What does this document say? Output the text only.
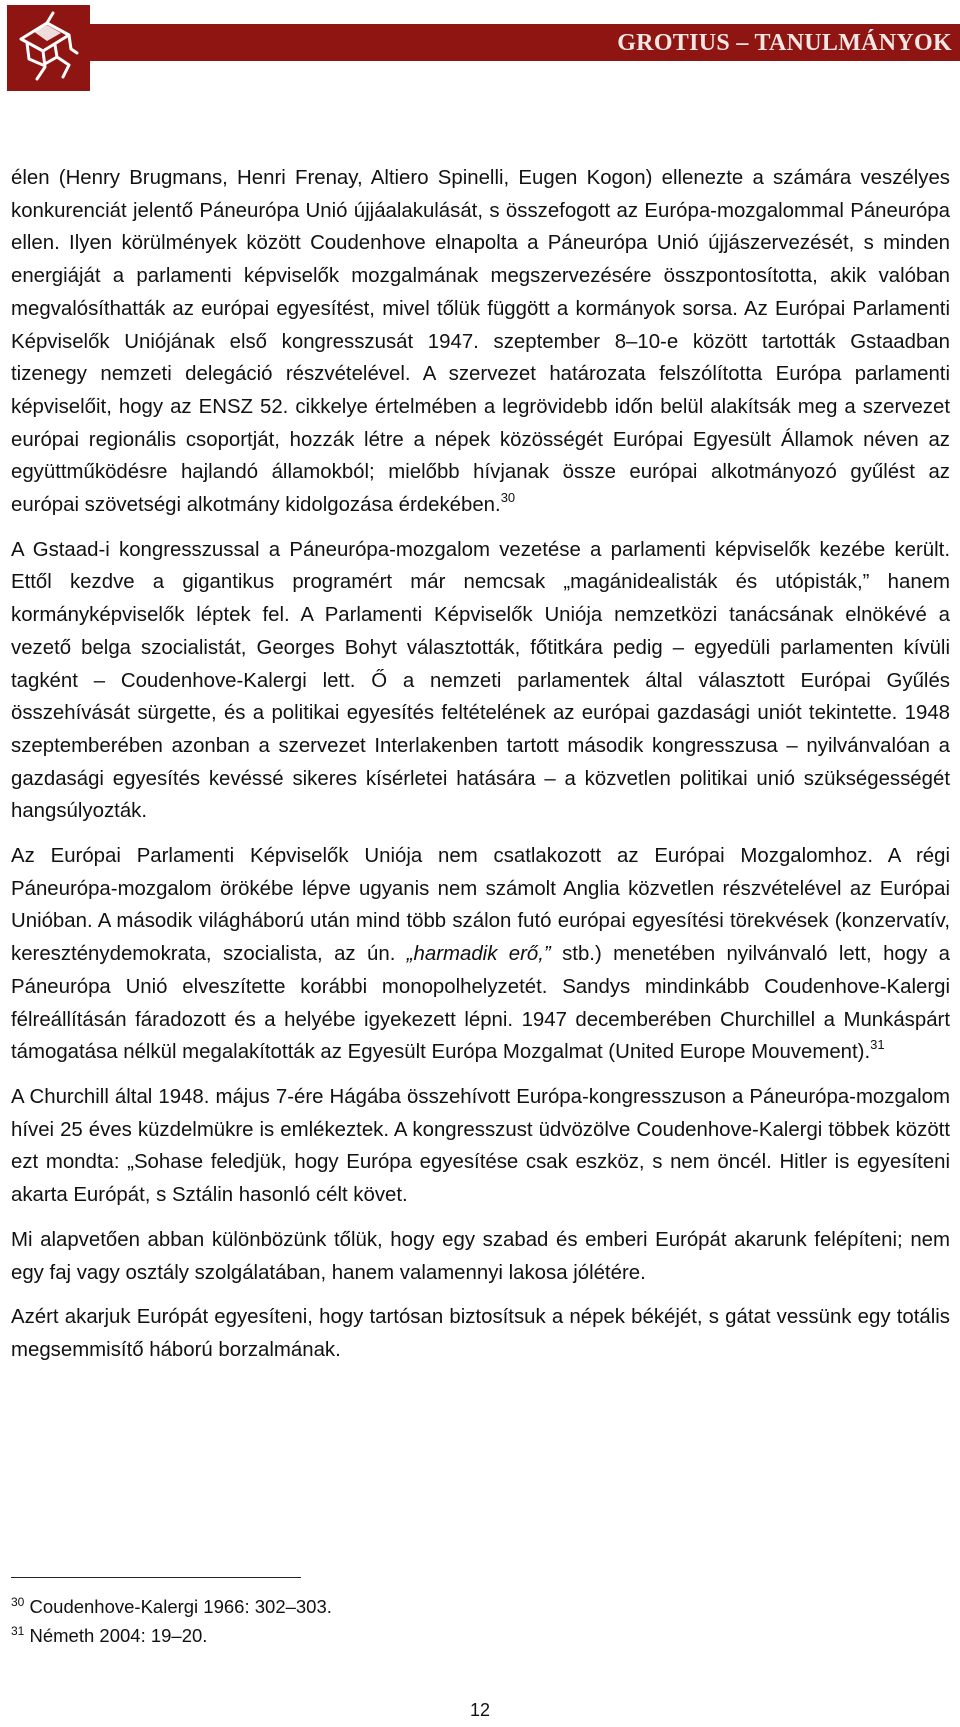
GROTIUS – TANULMÁNYOK

élen (Henry Brugmans, Henri Frenay, Altiero Spinelli, Eugen Kogon) ellenezte a számára veszélyes konkurenciát jelentő Páneurópa Unió újjáalakulását, s összefogott az Európa-mozgalommal Páneurópa ellen. Ilyen körülmények között Coudenhove elnapolta a Páneurópa Unió újjászervezését, s minden energiáját a parlamenti képviselők mozgalmának megszervezésére összpontosította, akik valóban megvalósíthatták az európai egyesítést, mivel tőlük függött a kormányok sorsa. Az Európai Parlamenti Képviselők Uniójának első kongresszusát 1947. szeptember 8–10-e között tartották Gstaadban tizenegy nemzeti delegáció részvételével. A szervezet határozata felszólította Európa parlamenti képviselőit, hogy az ENSZ 52. cikkelye értelmében a legrövidebb időn belül alakítsák meg a szervezet európai regionális csoportját, hozzák létre a népek közösségét Európai Egyesült Államok néven az együttműködésre hajlandó államokból; mielőbb hívjanak össze európai alkotmányozó gyűlést az európai szövetségi alkotmány kidolgozása érdekében.$^{30}$

A Gstaad-i kongresszussal a Páneurópa-mozgalom vezetése a parlamenti képviselők kezébe került. Ettől kezdve a gigantikus programért már nemcsak „magánidealisták és utópisták,” hanem kormányképviselők léptek fel. A Parlamenti Képviselők Uniója nemzetközi tanácsának elnökévé a vezető belga szocialistát, Georges Bohyt választották, főtitkára pedig – egyedüli parlamenten kívüli tagként – Coudenhove-Kalergi lett. Ő a nemzeti parlamentek által választott Európai Gyűlés összehívását sürgette, és a politikai egyesítés feltételének az európai gazdasági uniót tekintette. 1948 szeptemberében azonban a szervezet Interlakenben tartott második kongresszusa – nyilvánvalóan a gazdasági egyesítés kevéssé sikeres kísérletei hatására – a közvetlen politikai unió szükségességét hangsúlyozták.

Az Európai Parlamenti Képviselők Uniója nem csatlakozott az Európai Mozgalomhoz. A régi Páneurópa-mozgalom örökébe lépve ugyanis nem számolt Anglia közvetlen részvételével az Európai Unióban. A második világháború után mind több szálon futó európai egyesítési törekvések (konzervatív, kereszténydemokrata, szocialista, az ún. „harmadik erő,” stb.) menetében nyilvánvaló lett, hogy a Páneurópa Unió elveszítette korábbi monopolhelyzetét. Sandys mindinkább Coudenhove-Kalergi félreállításán fáradozott és a helyébe igyekezett lépni. 1947 decemberében Churchillel a Munkáspárt támogatása nélkül megalakították az Egyesült Európa Mozgalmat (United Europe Mouvement).$^{31}$

A Churchill által 1948. május 7-ére Hágába összehívott Európa-kongresszuson a Páneurópa-mozgalom hívei 25 éves küzdelmükre is emlékeztek. A kongresszust üdvözölve Coudenhove-Kalergi többek között ezt mondta: „Sohase feledjük, hogy Európa egyesítése csak eszköz, s nem öncél. Hitler is egyesíteni akarta Európát, s Sztálin hasonló célt követ.

Mi alapvetően abban különbözünk tőlük, hogy egy szabad és emberi Európát akarunk felépíteni; nem egy faj vagy osztály szolgálatában, hanem valamennyi lakosa jólétére.

Azért akarjuk Európát egyesíteni, hogy tartósan biztosítsuk a népek békéjét, s gátat vessünk egy totális megsemmisítő háború borzalmának.

$^{30}$ Coudenhove-Kalergi 1966: 302–303.

$^{31}$ Németh 2004: 19–20.

12
